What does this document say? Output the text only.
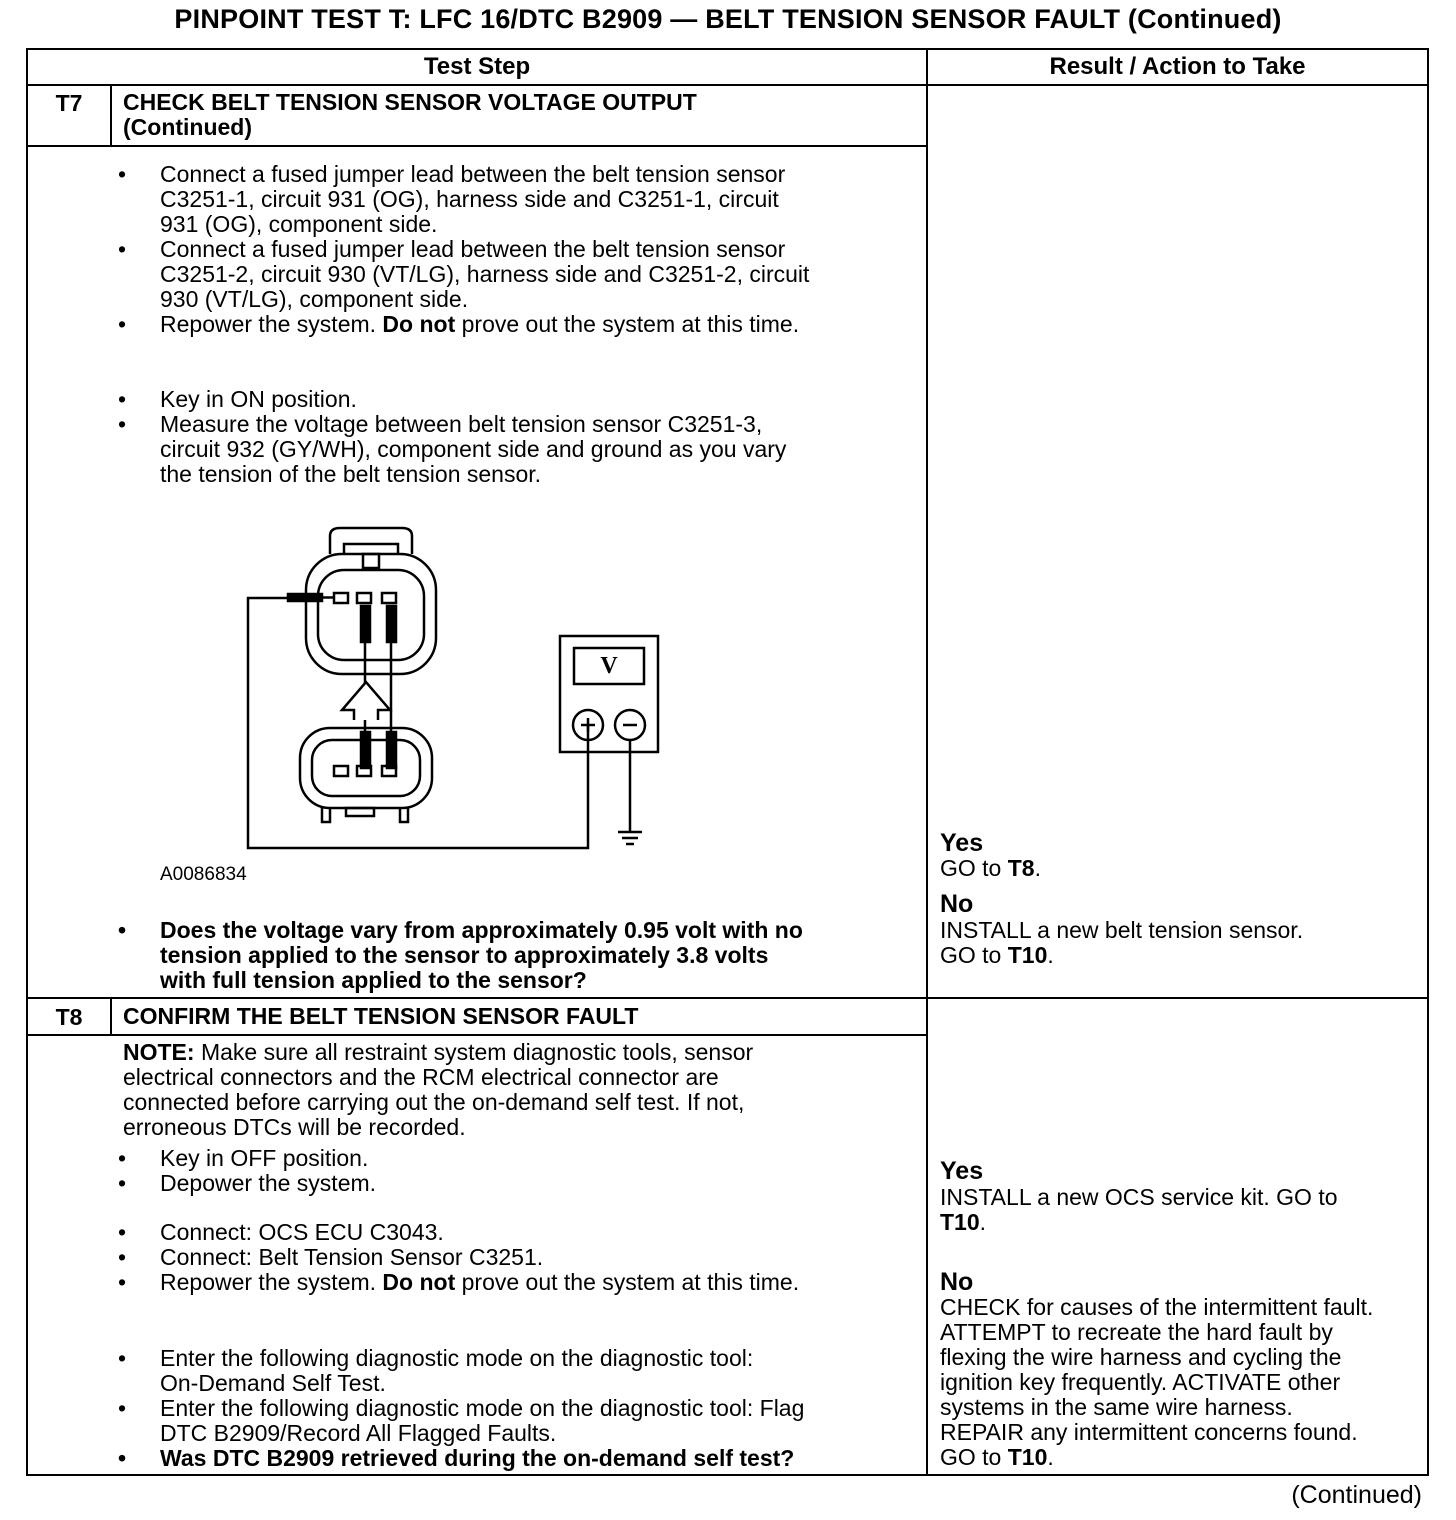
PINPOINT TEST T: LFC 16/DTC B2909 — BELT TENSION SENSOR FAULT (Continued)
Test Step	Result / Action to Take
T7	CHECK BELT TENSION SENSOR VOLTAGE OUTPUT
(Continued)
•	Connect a fused jumper lead between the belt tension sensor
C3251-1, circuit 931 (OG), harness side and C3251-1, circuit
931 (OG), component side.
•	Connect a fused jumper lead between the belt tension sensor
C3251-2, circuit 930 (VT/LG), harness side and C3251-2, circuit
930 (VT/LG), component side.
•	Repower the system. Do not prove out the system at this time.
•	Key in ON position.
•	Measure the voltage between belt tension sensor C3251-3,
circuit 932 (GY/WH), component side and ground as you vary
the tension of the belt tension sensor.
V
A0086834
•	Does the voltage vary from approximately 0.95 volt with no
tension applied to the sensor to approximately 3.8 volts
with full tension applied to the sensor?
Yes
GO to T8.
No
INSTALL a new belt tension sensor.
GO to T10.
T8	CONFIRM THE BELT TENSION SENSOR FAULT
NOTE: Make sure all restraint system diagnostic tools, sensor
electrical connectors and the RCM electrical connector are
connected before carrying out the on-demand self test. If not,
erroneous DTCs will be recorded.
•	Key in OFF position.
•	Depower the system.
•	Connect: OCS ECU C3043.
•	Connect: Belt Tension Sensor C3251.
•	Repower the system. Do not prove out the system at this time.
•	Enter the following diagnostic mode on the diagnostic tool:
On-Demand Self Test.
•	Enter the following diagnostic mode on the diagnostic tool: Flag
DTC B2909/Record All Flagged Faults.
•	Was DTC B2909 retrieved during the on-demand self test?
Yes
INSTALL a new OCS service kit. GO to
T10.
No
CHECK for causes of the intermittent fault.
ATTEMPT to recreate the hard fault by
flexing the wire harness and cycling the
ignition key frequently. ACTIVATE other
systems in the same wire harness.
REPAIR any intermittent concerns found.
GO to T10.
(Continued)
